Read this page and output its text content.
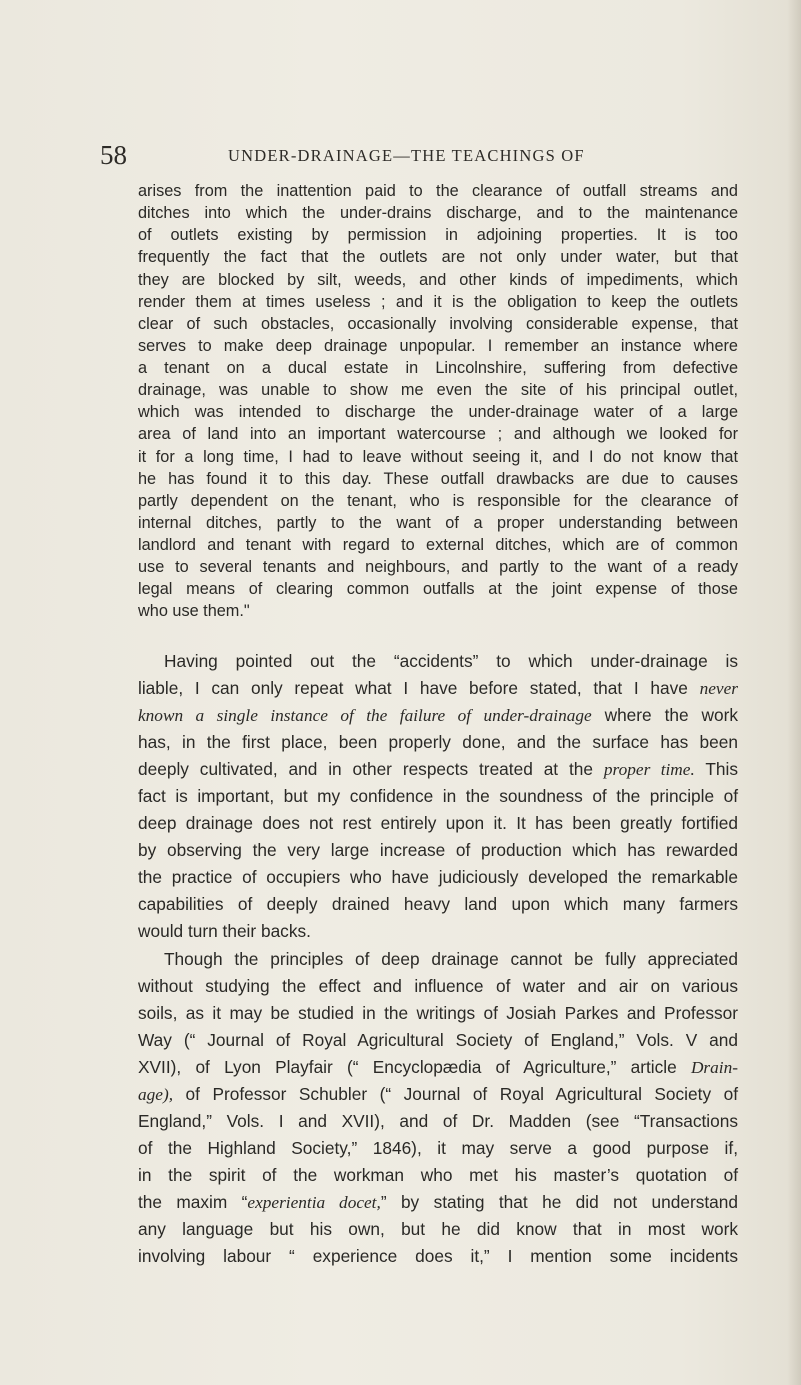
58	UNDER-DRAINAGE—THE TEACHINGS OF

arises from the inattention paid to the clearance of outfall streams and
ditches into which the under-drains discharge, and to the maintenance
of outlets existing by permission in adjoining properties. It is too
frequently the fact that the outlets are not only under water, but that
they are blocked by silt, weeds, and other kinds of impediments, which
render them at times useless ; and it is the obligation to keep the outlets
clear of such obstacles, occasionally involving considerable expense, that
serves to make deep drainage unpopular. I remember an instance where
a tenant on a ducal estate in Lincolnshire, suffering from defective
drainage, was unable to show me even the site of his principal outlet,
which was intended to discharge the under-drainage water of a large
area of land into an important watercourse ; and although we looked for
it for a long time, I had to leave without seeing it, and I do not know that
he has found it to this day. These outfall drawbacks are due to causes
partly dependent on the tenant, who is responsible for the clearance of
internal ditches, partly to the want of a proper understanding between
landlord and tenant with regard to external ditches, which are of common
use to several tenants and neighbours, and partly to the want of a ready
legal means of clearing common outfalls at the joint expense of those
who use them."

Having pointed out the “accidents” to which under-drainage is
liable, I can only repeat what I have before stated, that I have never
known a single instance of the failure of under-drainage where the work
has, in the first place, been properly done, and the surface has been
deeply cultivated, and in other respects treated at the proper time. This
fact is important, but my confidence in the soundness of the principle of
deep drainage does not rest entirely upon it. It has been greatly fortified
by observing the very large increase of production which has rewarded
the practice of occupiers who have judiciously developed the remarkable
capabilities of deeply drained heavy land upon which many farmers
would turn their backs.

Though the principles of deep drainage cannot be fully appreciated
without studying the effect and influence of water and air on various
soils, as it may be studied in the writings of Josiah Parkes and Professor
Way (“ Journal of Royal Agricultural Society of England,” Vols. V and
XVII), of Lyon Playfair (“ Encyclopædia of Agriculture,” article Drain-
age), of Professor Schubler (“ Journal of Royal Agricultural Society of
England,” Vols. I and XVII), and of Dr. Madden (see “Transactions
of the Highland Society,” 1846), it may serve a good purpose if,
in the spirit of the workman who met his master’s quotation of
the maxim “experientia docet,” by stating that he did not understand
any language but his own, but he did know that in most work
involving labour “ experience does it,” I mention some incidents
